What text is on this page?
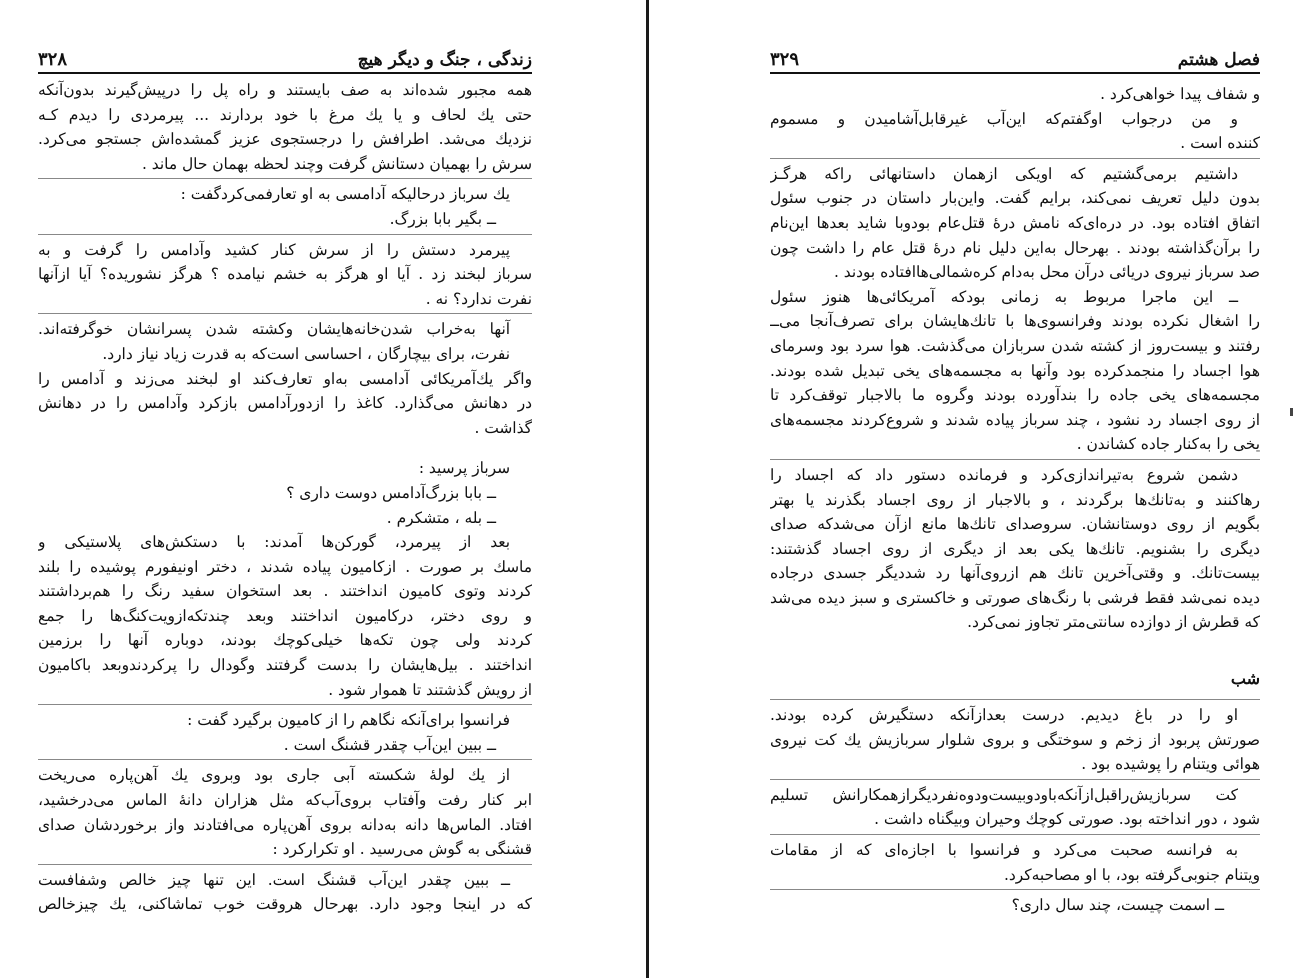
زندگی ، جنگ و دیگر هیچ
۳۲۸
همه مجبور شده‌اند به صف بایستند و راه پل را درپیش‌گیرند بدون‌آنکه
حتی یك لحاف و یا یك مرغ با خود بردارند ... پیرمردی را دیدم کـه
نزدیك می‌شد. اطرافش را درجستجوی عزیز گمشده‌اش جستجو می‌کرد.
سرش را بهمیان دستانش گرفت وچند لحظه بهمان حال ماند .
یك سرباز درحالیکه آدامسی به او تعارفمی‌کرد‌گفت :
ــ بگیر بابا بزرگ.
پیرمرد دستش را از سرش کنار کشید وآدامس را گرفت و به
سرباز لبخند زد . آیا او هرگز به خشم نیامده ؟ هرگز نشوریده؟ آیا ازآنها
نفرت ندارد؟ نه .
آنها بەخراب شدن‌خانه‌هایشان وکشته شدن پسرانشان خوگرفته‌اند.
نفرت، برای بیچارگان ، احساسی است‌که به قدرت زیاد نیاز دارد.
واگر یك‌آمریکائی آدامسی بەاو تعارف‌کند او لبخند می‌زند و آدامس را
در دهانش می‌گذارد. کاغذ را ازدورآدامس بازکرد وآدامس را در دهانش
گذاشت .
سرباز پرسید :
ــ بابا بزرگ‌آدامس دوست داری ؟
ــ بله ، متشکرم .
بعد از پیرمرد، گورکن‌ها آمدند: با دستکش‌های پلاستیکی و
ماسك بر صورت . ازکامیون پیاده شدند ، دختر اونیفورم پوشیده را بلند
کردند وتوی کامیون انداختند . بعد استخوان سفید رنگ را هم‌برداشتند
و روی دختر، درکامیون انداختند وبعد چندتکه‌ازویت‌کنگ‌ها را جمع
کردند ولی چون تکه‌ها خیلی‌کوچك بودند، دوباره آنها را برزمین
انداختند . بیل‌هایشان را بدست گرفتند وگودال را پرکردندوبعد باکامیون
از رویش گذشتند تا هموار شود .
فرانسوا برای‌آنکه نگاهم را از کامیون برگیرد گفت :
ــ ببین این‌آب چقدر قشنگ است .
از یك لولهٔ شکسته آبی جاری بود وبروی یك آهن‌پاره می‌ریخت
ابر کنار رفت وآفتاب بروی‌آب‌که مثل هزاران دانهٔ الماس می‌درخشید،
افتاد. الماس‌ها دانه بەدانه بروی آهن‌پاره می‌افتادند واز برخوردشان صدای
قشنگی به گوش می‌رسید . او تکرارکرد :
ــ ببین چقدر این‌آب قشنگ است. این تنها چیز خالص وشفافست
که در اینجا وجود دارد. بهرحال هروقت خوب تماشاکنی، یك چیزخالص
فصل هشتم
۳۲۹
و شفاف پیدا خواهی‌کرد .
و من درجواب اوگفتم‌که این‌آب غیرقابل‌آشامیدن و مسموم
کننده است .
داشتیم برمی‌گشتیم که اویکی ازهمان داستانهائی راکه هرگـز
بدون دلیل تعریف نمی‌کند، برایم گفت. واین‌بار داستان در جنوب سئول
اتفاق افتاده بود. در دره‌ای‌که نامش درهٔ قتل‌عام بودوبا شاید بعدها این‌نام
را برآن‌گذاشته بودند . بهرحال بەاین دلیل نام درهٔ قتل عام را داشت چون
صد سرباز نیروی دریائی درآن محل بەدام کرەشمالی‌هاافتاده بودند .
ــ این ماجرا مربوط به زمانی بودکه آمریکائی‌ها هنوز سئول
را اشغال نکرده بودند وفرانسوی‌ها با تانك‌هایشان برای تصرف‌آنجا می‌ــ
رفتند و بیست‌روز از کشته شدن سربازان می‌گذشت. هوا سرد بود وسرمای
هوا اجساد را منجمدکرده بود وآنها به مجسمه‌های یخی تبدیل شده بودند.
مجسمه‌های یخی جاده را بندآورده بودند وگروه ما بالاجبار توقف‌کرد تا
از روی اجساد رد نشود ، چند سرباز پیاده شدند و شروع‌کردند مجسمه‌های
یخی را بەکنار جاده کشاندن .
دشمن شروع بەتیراندازی‌کرد و فرمانده دستور داد که اجساد را
رهاکنند و بەتانك‌ها برگردند ، و بالاجبار از روی اجساد بگذرند یا بهتر
بگویم از روی دوستانشان. سروصدای تانك‌ها مانع ازآن می‌شدکه صدای
دیگری را بشنویم. تانك‌ها یکی بعد از دیگری از روی اجساد گذشتند:
بیست‌تانك. و وقتی‌آخرین تانك هم ازروی‌آنها رد شد‌دیگر جسدی درجاده
دیده نمی‌شد فقط فرشی با رنگ‌های صورتی و خاکستری و سبز دیده می‌شد
که قطرش از دوازده سانتی‌متر تجاوز نمی‌کرد.
شب
او را در باغ دیدیم. درست بعدازآنکه دستگیرش کرده بودند.
صورتش پربود از زخم و سوختگی و بروی شلوار سربازیش یك کت نیروی
هوائی ویتنام را پوشیده بود .
کت سربازیش‌راقبل‌ازآنکه‌باودوبیست‌ودوەنفردیگر‌ازهمکارانش تسلیم
شود ، دور انداخته بود. صورتی کوچك وحیران وبیگناه داشت .
به فرانسه صحبت می‌کرد و فرانسوا با اجازه‌ای که از مقامات
ویتنام جنوبی‌گرفته بود، با او مصاحبه‌کرد.
ــ اسمت چیست، چند سال داری؟
